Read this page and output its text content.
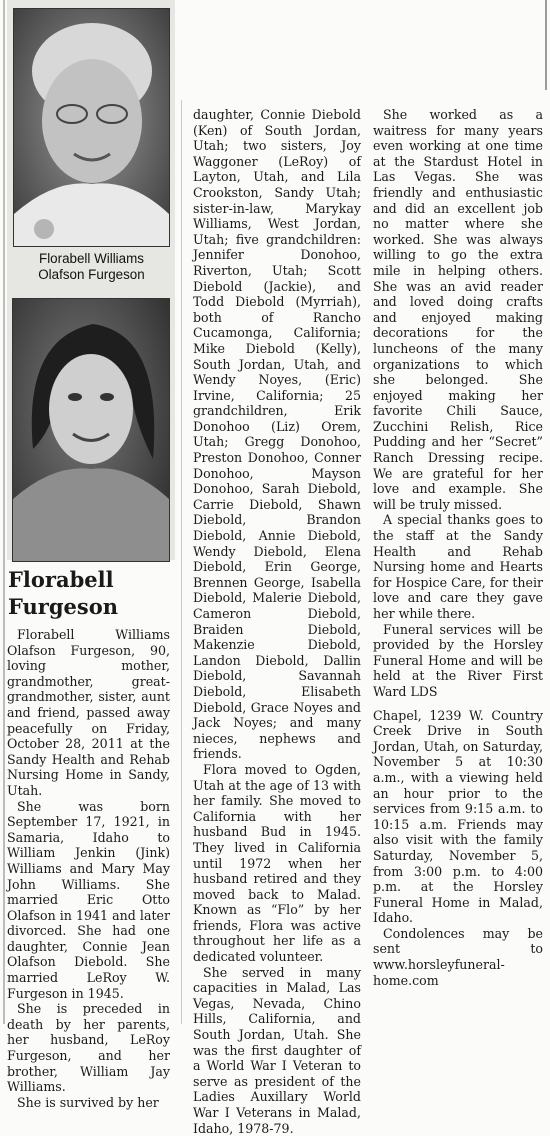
Florabell Williams
Olafson Furgeson
Florabell
Furgeson

Florabell Williams Olafson Furgeson, 90, loving mother, grandmother, great-grandmother, sister, aunt and friend, passed away peacefully on Friday, October 28, 2011 at the Sandy Health and Rehab Nursing Home in Sandy, Utah.

She was born September 17, 1921, in Samaria, Idaho to William Jenkin (Jink) Williams and Mary May John Williams. She married Eric Otto Olafson in 1941 and later divorced. She had one daughter, Connie Jean Olafson Diebold. She married LeRoy W. Furgeson in 1945.

She is preceded in death by her parents, her husband, LeRoy Furgeson, and her brother, William Jay Williams.

She is survived by her

daughter, Connie Diebold (Ken) of South Jordan, Utah; two sisters, Joy Waggoner (LeRoy) of Layton, Utah, and Lila Crookston, Sandy Utah; sister-in-law, Marykay Williams, West Jordan, Utah; five grandchildren: Jennifer Donohoo, Riverton, Utah; Scott Diebold (Jackie), and Todd Diebold (Myrriah), both of Rancho Cucamonga, California; Mike Diebold (Kelly), South Jordan, Utah, and Wendy Noyes, (Eric) Irvine, California; 25 grandchildren, Erik Donohoo (Liz) Orem, Utah; Gregg Donohoo, Preston Donohoo, Conner Donohoo, Mayson Donohoo, Sarah Diebold, Carrie Diebold, Shawn Diebold, Brandon Diebold, Annie Diebold, Wendy Diebold, Elena Diebold, Erin George, Brennen George, Isabella Diebold, Malerie Diebold, Cameron Diebold, Braiden Diebold, Makenzie Diebold, Landon Diebold, Dallin Diebold, Savannah Diebold, Elisabeth Diebold, Grace Noyes and Jack Noyes; and many nieces, nephews and friends.

Flora moved to Ogden, Utah at the age of 13 with her family. She moved to California with her husband Bud in 1945. They lived in California until 1972 when her husband retired and they moved back to Malad. Known as “Flo” by her friends, Flora was active throughout her life as a dedicated volunteer.

She served in many capacities in Malad, Las Vegas, Nevada, Chino Hills, California, and South Jordan, Utah. She was the first daughter of a World War I Veteran to serve as president of the Ladies Auxillary World War I Veterans in Malad, Idaho, 1978-79.

She worked as a waitress for many years even working at one time at the Stardust Hotel in Las Vegas. She was friendly and enthusiastic and did an excellent job no matter where she worked. She was always willing to go the extra mile in helping others. She was an avid reader and loved doing crafts and enjoyed making decorations for the luncheons of the many organizations to which she belonged. She enjoyed making her favorite Chili Sauce, Zucchini Relish, Rice Pudding and her “Secret” Ranch Dressing recipe. We are grateful for her love and example. She will be truly missed.

A special thanks goes to the staff at the Sandy Health and Rehab Nursing home and Hearts for Hospice Care, for their love and care they gave her while there.

Funeral services will be provided by the Horsley Funeral Home and will be held at the River First Ward LDS

Chapel, 1239 W. Country Creek Drive in South Jordan, Utah, on Saturday, November 5 at 10:30 a.m., with a viewing held an hour prior to the services from 9:15 a.m. to 10:15 a.m. Friends may also visit with the family Saturday, November 5, from 3:00 p.m. to 4:00 p.m. at the Horsley Funeral Home in Malad, Idaho.

Condolences may be sent to www.horsleyfuneral-home.com
